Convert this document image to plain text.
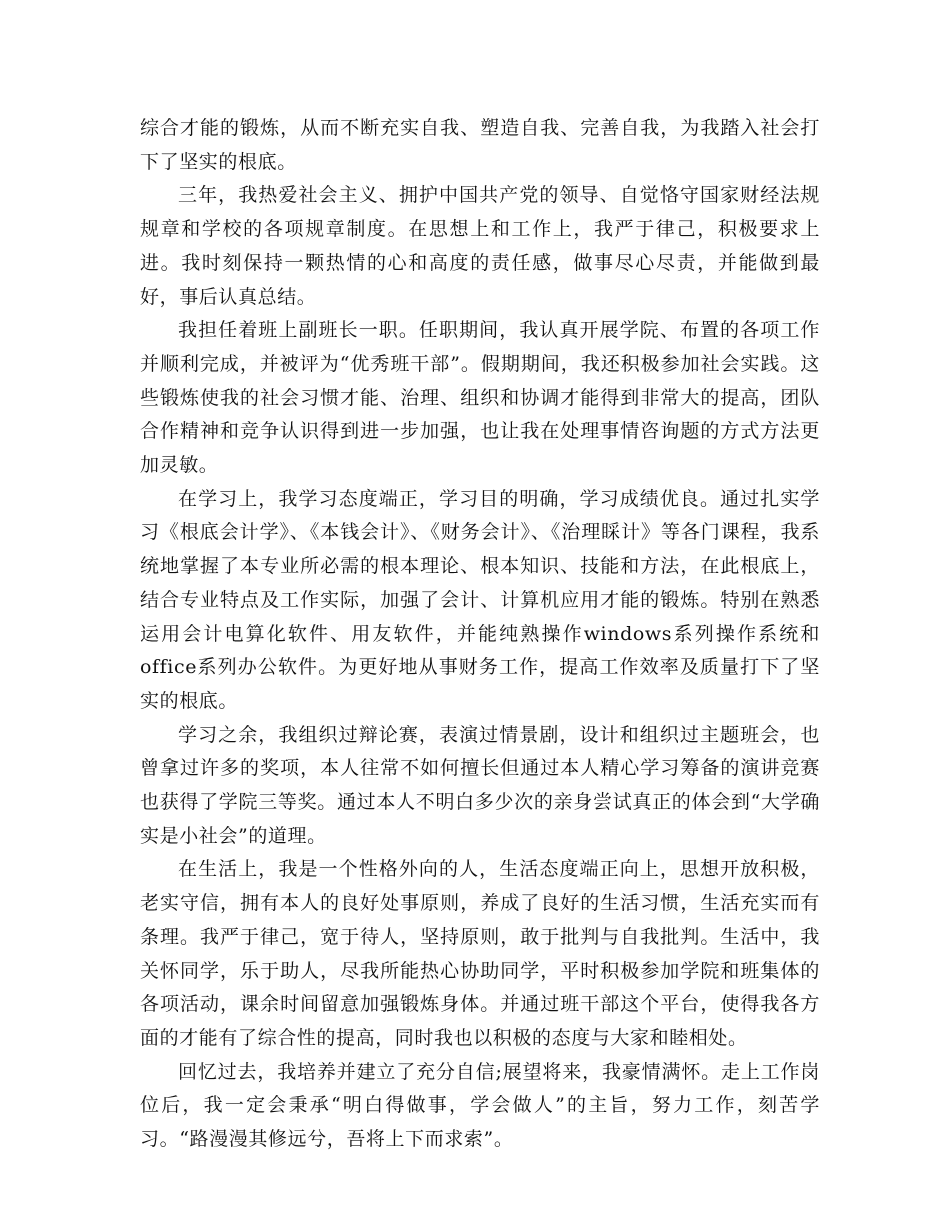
综合才能的锻炼，从而不断充实自我、塑造自我、完善自我，为我踏入社会打下了坚实的根底。

三年，我热爱社会主义、拥护中国共产党的领导、自觉恪守国家财经法规规章和学校的各项规章制度。在思想上和工作上，我严于律己，积极要求上进。我时刻保持一颗热情的心和高度的责任感，做事尽心尽责，并能做到最好，事后认真总结。

我担任着班上副班长一职。任职期间，我认真开展学院、布置的各项工作并顺利完成，并被评为“优秀班干部”。假期期间，我还积极参加社会实践。这些锻炼使我的社会习惯才能、治理、组织和协调才能得到非常大的提高，团队合作精神和竞争认识得到进一步加强，也让我在处理事情咨询题的方式方法更加灵敏。

在学习上，我学习态度端正，学习目的明确，学习成绩优良。通过扎实学习《根底会计学》、《本钱会计》、《财务会计》、《治理睬计》等各门课程，我系统地掌握了本专业所必需的根本理论、根本知识、技能和方法，在此根底上，结合专业特点及工作实际，加强了会计、计算机应用才能的锻炼。特别在熟悉运用会计电算化软件、用友软件，并能纯熟操作windows系列操作系统和office系列办公软件。为更好地从事财务工作，提高工作效率及质量打下了坚实的根底。

学习之余，我组织过辩论赛，表演过情景剧，设计和组织过主题班会，也曾拿过许多的奖项，本人往常不如何擅长但通过本人精心学习筹备的演讲竞赛也获得了学院三等奖。通过本人不明白多少次的亲身尝试真正的体会到“大学确实是小社会”的道理。

在生活上，我是一个性格外向的人，生活态度端正向上，思想开放积极，老实守信，拥有本人的良好处事原则，养成了良好的生活习惯，生活充实而有条理。我严于律己，宽于待人，坚持原则，敢于批判与自我批判。生活中，我关怀同学，乐于助人，尽我所能热心协助同学，平时积极参加学院和班集体的各项活动，课余时间留意加强锻炼身体。并通过班干部这个平台，使得我各方面的才能有了综合性的提高，同时我也以积极的态度与大家和睦相处。

回忆过去，我培养并建立了充分自信;展望将来，我豪情满怀。走上工作岗位后，我一定会秉承“明白得做事，学会做人”的主旨，努力工作，刻苦学习。“路漫漫其修远兮，吾将上下而求索”。
